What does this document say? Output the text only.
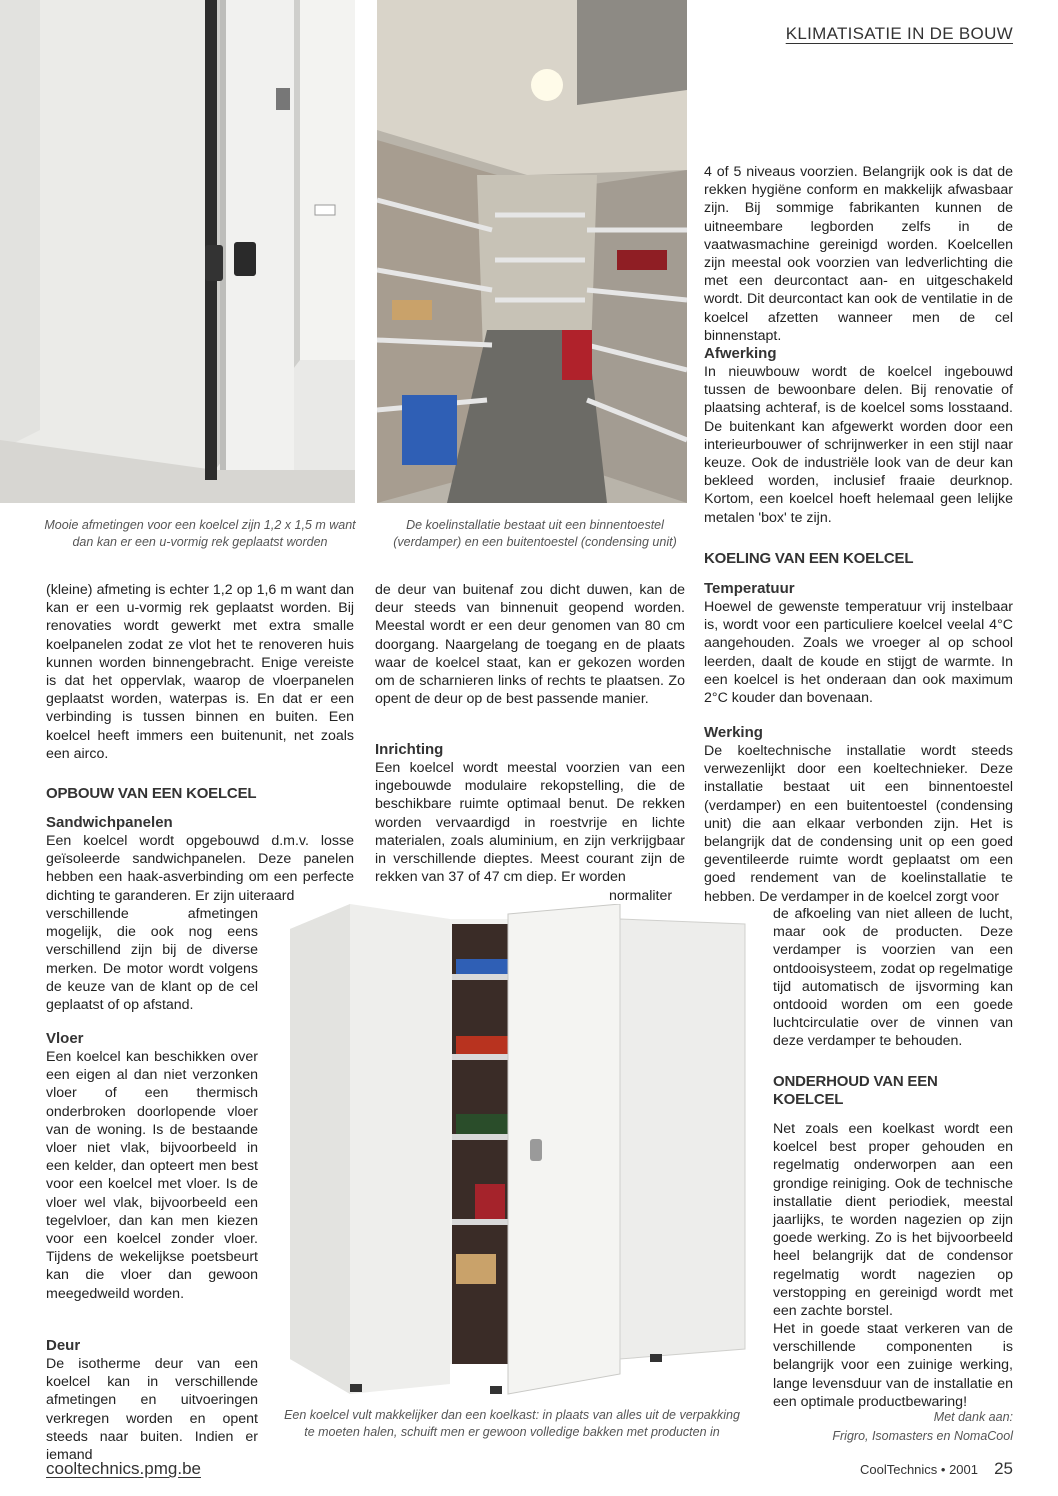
KLIMATISATIE IN DE BOUW

Mooie afmetingen voor een koelcel zijn 1,2 x 1,5 m want dan kan er een u-vormig rek geplaatst worden

De koelinstallatie bestaat uit een binnentoestel (verdamper) en een buitentoestel (condensing unit)

4 of 5 niveaus voorzien. Belangrijk ook is dat de rekken hygiëne conform en makkelijk afwasbaar zijn. Bij sommige fabrikanten kunnen de uitneembare legborden zelfs in de vaatwasmachine gereinigd worden. Koelcellen zijn meestal ook voorzien van ledverlichting die met een deurcontact aan- en uitgeschakeld wordt. Dit deurcontact kan ook de ventilatie in de koelcel afzetten wanneer men de cel binnenstapt.

Afwerking

In nieuwbouw wordt de koelcel ingebouwd tussen de bewoonbare delen. Bij renovatie of plaatsing achteraf, is de koelcel soms losstaand. De buitenkant kan afgewerkt worden door een interieurbouwer of schrijnwerker in een stijl naar keuze. Ook de industriële look van de deur kan bekleed worden, inclusief fraaie deurknop. Kortom, een koelcel hoeft helemaal geen lelijke metalen 'box' te zijn.

KOELING VAN EEN KOELCEL
Temperatuur

Hoewel de gewenste temperatuur vrij instelbaar is, wordt voor een particuliere koelcel veelal 4°C aangehouden. Zoals we vroeger al op school leerden, daalt de koude en stijgt de warmte. In een koelcel is het onderaan dan ook maximum 2°C kouder dan bovenaan.

Werking

De koeltechnische installatie wordt steeds verwezenlijkt door een koeltechnieker. Deze installatie bestaat uit een binnentoestel (verdamper) en een buitentoestel (condensing unit) die aan elkaar verbonden zijn. Het is belangrijk dat de condensing unit op een goed geventileerde ruimte wordt geplaatst om een goed rendement van de koelinstallatie te hebben. De verdamper in de koelcel zorgt voor

de afkoeling van niet alleen de lucht, maar ook de producten. Deze verdamper is voorzien van een ontdooisysteem, zodat op regelmatige tijd automatisch de ijsvorming kan ontdooid worden om een goede luchtcirculatie over de vinnen van deze verdamper te behouden.

ONDERHOUD VAN EEN KOELCEL

Net zoals een koelkast wordt een koelcel best proper gehouden en regelmatig onderworpen aan een grondige reiniging. Ook de technische installatie dient periodiek, meestal jaarlijks, te worden nagezien op zijn goede werking. Zo is het bijvoorbeeld heel belangrijk dat de condensor regelmatig wordt nagezien op verstopping en gereinigd wordt met een zachte borstel.

Het in goede staat verkeren van de verschillende componenten is belangrijk voor een zuinige werking, lange levensduur van de installatie en een optimale productbewaring!

Met dank aan:
Frigro, Isomasters en NomaCool

(kleine) afmeting is echter 1,2 op 1,6 m want dan kan er een u-vormig rek geplaatst worden. Bij renovaties wordt gewerkt met extra smalle koelpanelen zodat ze vlot het te renoveren huis kunnen worden binnengebracht. Enige vereiste is dat het oppervlak, waarop de vloerpanelen geplaatst worden, waterpas is. En dat er een verbinding is tussen binnen en buiten. Een koelcel heeft immers een buitenunit, net zoals een airco.

OPBOUW VAN EEN KOELCEL
Sandwichpanelen

Een koelcel wordt opgebouwd d.m.v. losse geïsoleerde sandwichpanelen. Deze panelen hebben een haak-asverbinding om een perfecte dichting te garanderen. Er zijn uiteraard

verschillende afmetingen mogelijk, die ook nog eens verschillend zijn bij de diverse merken. De motor wordt volgens de keuze van de klant op de cel geplaatst of op afstand.

Vloer

Een koelcel kan beschikken over een eigen al dan niet verzonken vloer of een thermisch onderbroken doorlopende vloer van de woning. Is de bestaande vloer niet vlak, bijvoorbeeld in een kelder, dan opteert men best voor een koelcel met vloer. Is de vloer wel vlak, bijvoorbeeld een tegelvloer, dan kan men kiezen voor een koelcel zonder vloer. Tijdens de wekelijkse poetsbeurt kan die vloer dan gewoon meegedweild worden.

Deur

De isotherme deur van een koelcel kan in verschillende afmetingen en uitvoeringen verkregen worden en opent steeds naar buiten. Indien er iemand

de deur van buitenaf zou dicht duwen, kan de deur steeds van binnenuit geopend worden. Meestal wordt er een deur genomen van 80 cm doorgang. Naargelang de toegang en de plaats waar de koelcel staat, kan er gekozen worden om de scharnieren links of rechts te plaatsen. Zo opent de deur op de best passende manier.

Inrichting

Een koelcel wordt meestal voorzien van een ingebouwde modulaire rekopstelling, die de beschikbare ruimte optimaal benut. De rekken worden vervaardigd in roestvrije en lichte materialen, zoals aluminium, en zijn verkrijgbaar in verschillende dieptes. Meest courant zijn de rekken van 37 of 47 cm diep. Er worden

normaliter

Een koelcel vult makkelijker dan een koelkast: in plaats van alles uit de verpakking te moeten halen, schuift men er gewoon volledige bakken met producten in

cooltechnics.pmg.be	CoolTechnics • 2001 25
